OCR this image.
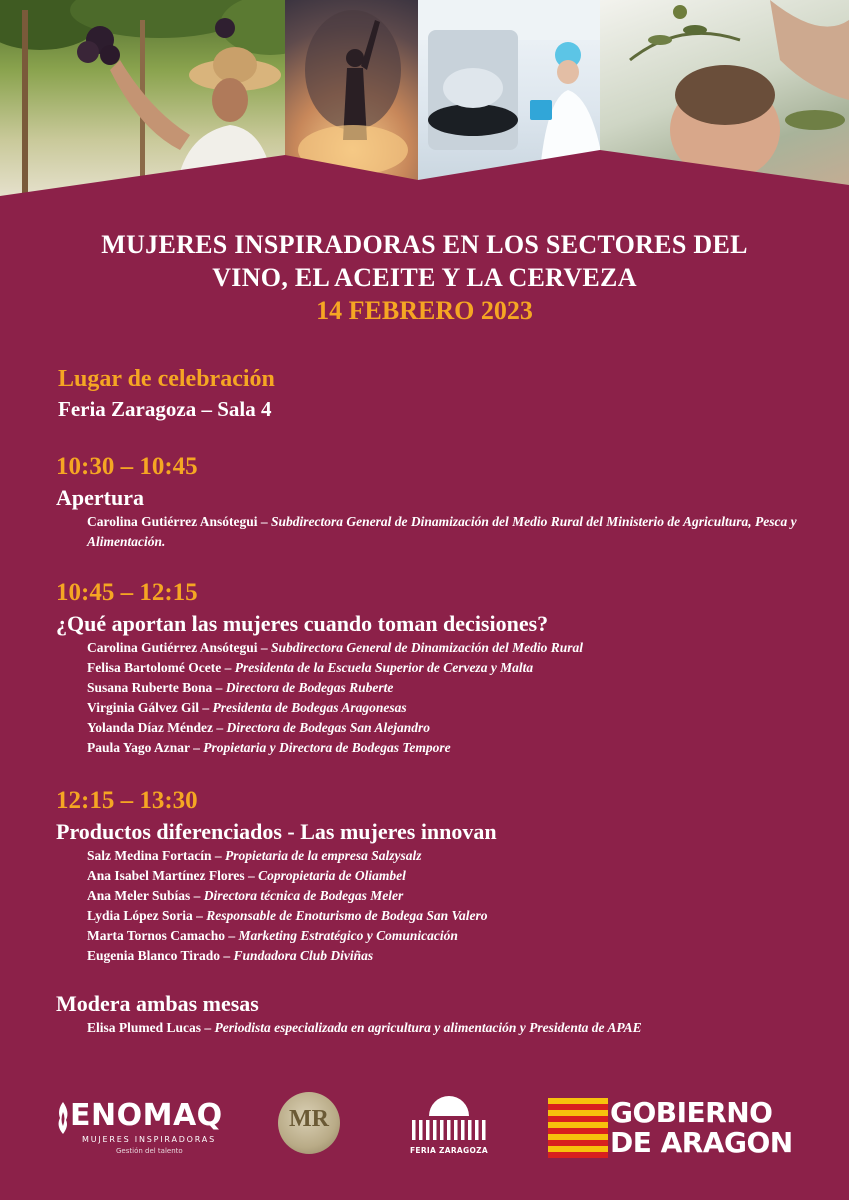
MUJERES INSPIRADORAS EN LOS SECTORES DEL
VINO, EL ACEITE Y LA CERVEZA
14 FEBRERO 2023
Lugar de celebración
Feria Zaragoza – Sala 4
10:30 – 10:45
Apertura
Carolina Gutiérrez Ansótegui – Subdirectora General de Dinamización del Medio Rural del Ministerio de Agricultura, Pesca y Alimentación.
10:45 – 12:15
¿Qué aportan las mujeres cuando toman decisiones?
Carolina Gutiérrez Ansótegui – Subdirectora General de Dinamización del Medio Rural
Felisa Bartolomé Ocete – Presidenta de la Escuela Superior de Cerveza y Malta
Susana Ruberte Bona – Directora de Bodegas Ruberte
Virginia Gálvez Gil – Presidenta de Bodegas Aragonesas
Yolanda Díaz Méndez – Directora de Bodegas San Alejandro
Paula Yago Aznar – Propietaria y Directora de Bodegas Tempore
12:15 – 13:30
Productos diferenciados - Las mujeres innovan
Salz Medina Fortacín – Propietaria de la empresa Salzysalz
Ana Isabel Martínez Flores – Copropietaria de Oliambel
Ana Meler Subías – Directora técnica de Bodegas Meler
Lydia López Soria – Responsable de Enoturismo de Bodega San Valero
Marta Tornos Camacho – Marketing Estratégico y Comunicación
Eugenia Blanco Tirado – Fundadora Club Diviñas
Modera ambas mesas
Elisa Plumed Lucas – Periodista especializada en agricultura y alimentación y Presidenta de APAE
ENOMAQ
MUJERES INSPIRADORAS
Gestión del talento
MR
FERIA ZARAGOZA
GOBIERNO
DE ARAGON
